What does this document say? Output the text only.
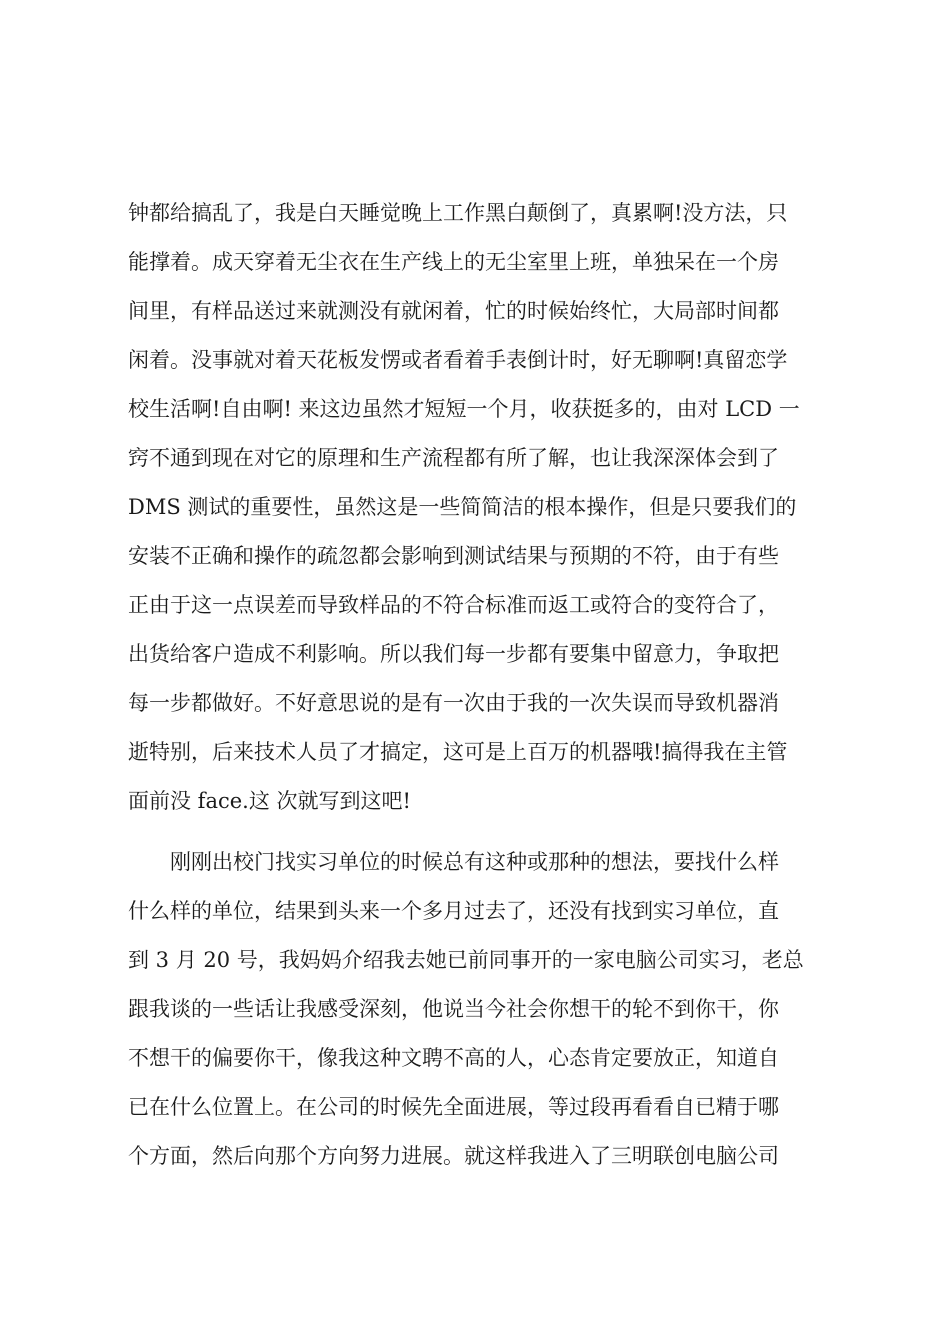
钟都给搞乱了，我是白天睡觉晚上工作黑白颠倒了，真累啊!没方法，只
能撑着。成天穿着无尘衣在生产线上的无尘室里上班，单独呆在一个房
间里，有样品送过来就测没有就闲着，忙的时候始终忙，大局部时间都
闲着。没事就对着天花板发愣或者看着手表倒计时，好无聊啊!真留恋学
校生活啊!自由啊! 来这边虽然才短短一个月，收获挺多的，由对 LCD 一
窍不通到现在对它的原理和生产流程都有所了解，也让我深深体会到了
DMS 测试的重要性，虽然这是一些简简洁的根本操作，但是只要我们的
安装不正确和操作的疏忽都会影响到测试结果与预期的不符，由于有些
正由于这一点误差而导致样品的不符合标准而返工或符合的变符合了，
出货给客户造成不利影响。所以我们每一步都有要集中留意力，争取把
每一步都做好。不好意思说的是有一次由于我的一次失误而导致机器消
逝特别，后来技术人员了才搞定，这可是上百万的机器哦!搞得我在主管
面前没 face.这 次就写到这吧!
　　刚刚出校门找实习单位的时候总有这种或那种的想法，要找什么样
什么样的单位，结果到头来一个多月过去了，还没有找到实习单位，直
到 3 月 20 号，我妈妈介绍我去她已前同事开的一家电脑公司实习，老总
跟我谈的一些话让我感受深刻，他说当今社会你想干的轮不到你干，你
不想干的偏要你干，像我这种文聘不高的人，心态肯定要放正，知道自
已在什么位置上。在公司的时候先全面进展，等过段再看看自已精于哪
个方面，然后向那个方向努力进展。就这样我进入了三明联创电脑公司
